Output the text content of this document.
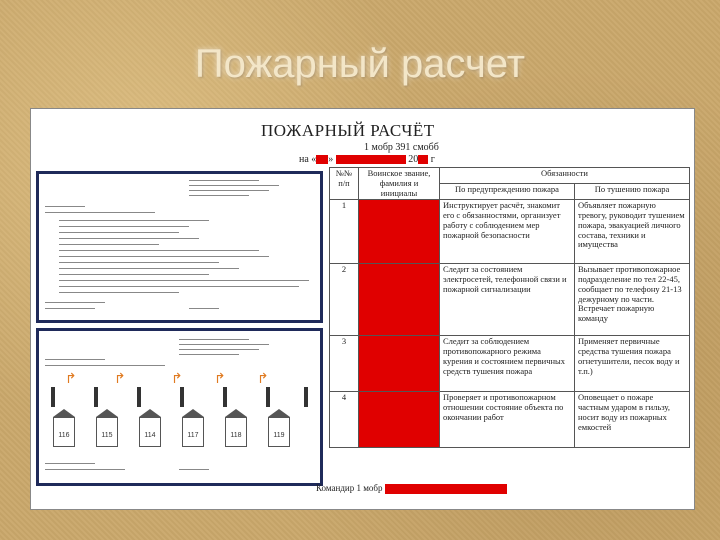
Пожарный расчет
ПОЖАРНЫЙ РАСЧЁТ
1 мобр 391 смобб
на « »	20 г
↱	↱	↱ ↱ ↱
116	115	114	117	118	119
№№ п/п	Воинское звание, фамилия и инициалы	Обязанности	
		По предупреждению пожара	По тушению пожара
1		Инструктирует расчёт, знакомит его с обязанностями, организует работу с соблюдением мер пожарной безопасности	Объявляет пожарную тревогу, руководит тушением пожара, эвакуацией личного состава, техники и имущества
2		Следит за состоянием электросетей, телефонной связи и пожарной сигнализации	Вызывает противопожарное подразделение по тел 22-45, сообщает по телефону 21-13 дежурному по части. Встречает пожарную команду
3		Следит за соблюдением противопожарного режима курения и состоянием первичных средств тушения пожара	Применяет первичные средства тушения пожара огнетушители, песок воду и т.п.)
4		Проверяет и противопожарном отношении состояние объекта по окончании работ	Оповещает о пожаре частным ударом в гильзу, носит воду из пожарных емкостей
Командир 1 мобр
